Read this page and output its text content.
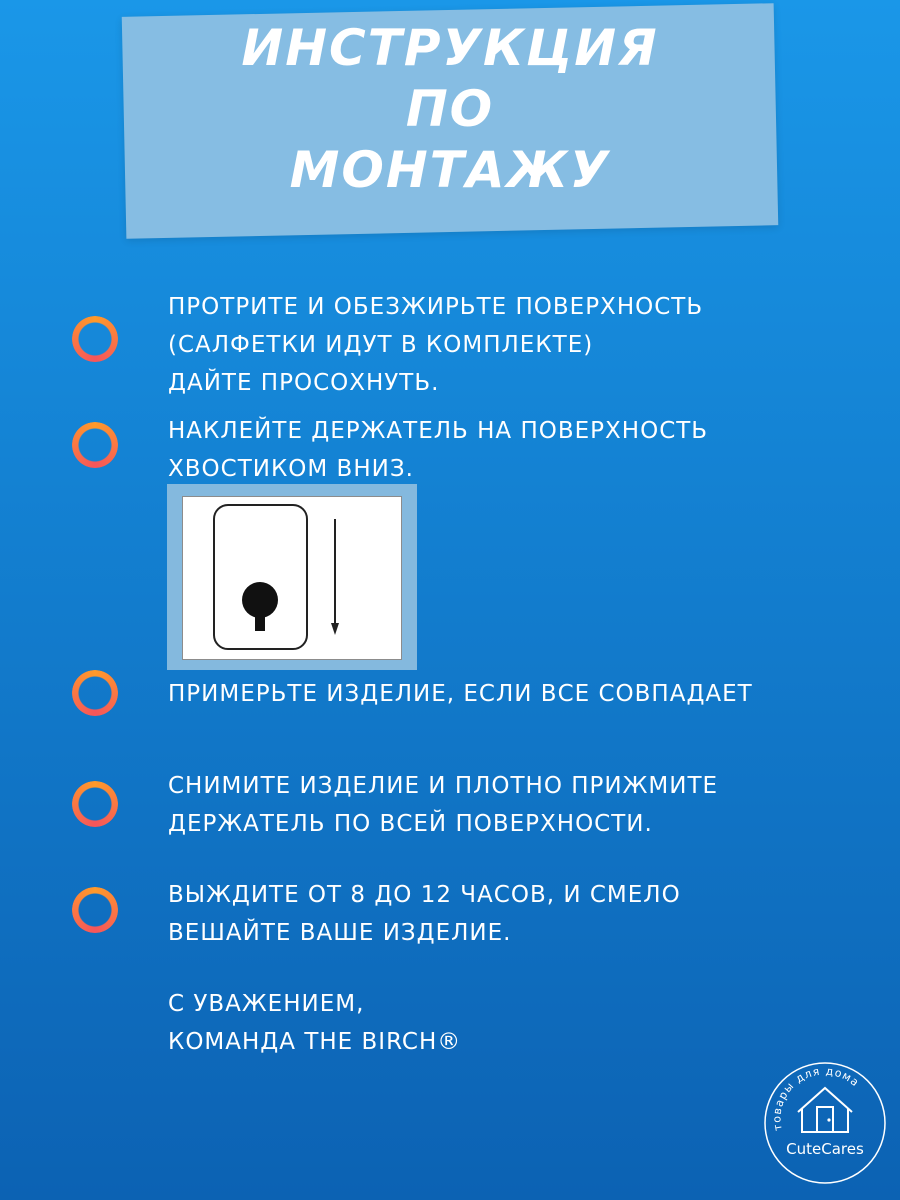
ИНСТРУКЦИЯ
ПО
МОНТАЖУ
ПРОТРИТЕ И ОБЕЗЖИРЬТЕ ПОВЕРХНОСТЬ
(САЛФЕТКИ ИДУТ В КОМПЛЕКТЕ)
ДАЙТЕ ПРОСОХНУТЬ.
НАКЛЕЙТЕ ДЕРЖАТЕЛЬ НА ПОВЕРХНОСТЬ
ХВОСТИКОМ ВНИЗ.
ПРИМЕРЬТЕ ИЗДЕЛИЕ, ЕСЛИ ВСЕ СОВПАДАЕТ
СНИМИТЕ ИЗДЕЛИЕ И ПЛОТНО ПРИЖМИТЕ
ДЕРЖАТЕЛЬ ПО ВСЕЙ ПОВЕРХНОСТИ.
ВЫЖДИТЕ ОТ 8 ДО 12 ЧАСОВ, И СМЕЛО
ВЕШАЙТЕ ВАШЕ ИЗДЕЛИЕ.
С УВАЖЕНИЕМ,
КОМАНДА THE BIRCH®
товары для дома
CuteCares
